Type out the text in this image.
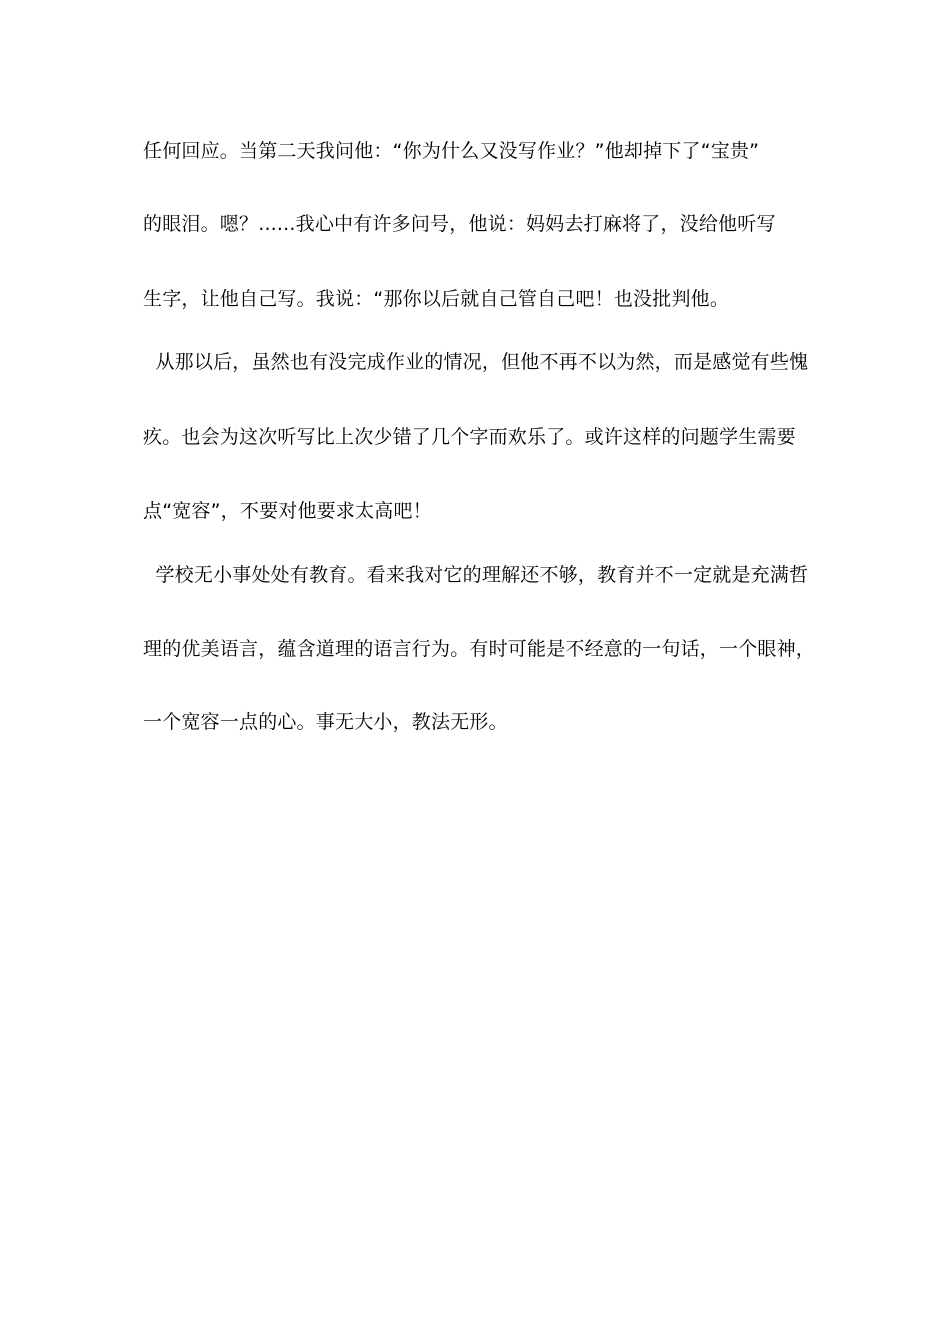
任何回应。当第二天我问他：“你为什么又没写作业？”他却掉下了“宝贵”
的眼泪。嗯？......我心中有许多问号，他说：妈妈去打麻将了，没给他听写
生字，让他自己写。我说：“那你以后就自己管自己吧！也没批判他。
从那以后，虽然也有没完成作业的情况，但他不再不以为然，而是感觉有些愧
疚。也会为这次听写比上次少错了几个字而欢乐了。或许这样的问题学生需要
点“宽容”，不要对他要求太高吧！
学校无小事处处有教育。看来我对它的理解还不够，教育并不一定就是充满哲
理的优美语言，蕴含道理的语言行为。有时可能是不经意的一句话，一个眼神，
一个宽容一点的心。事无大小，教法无形。
